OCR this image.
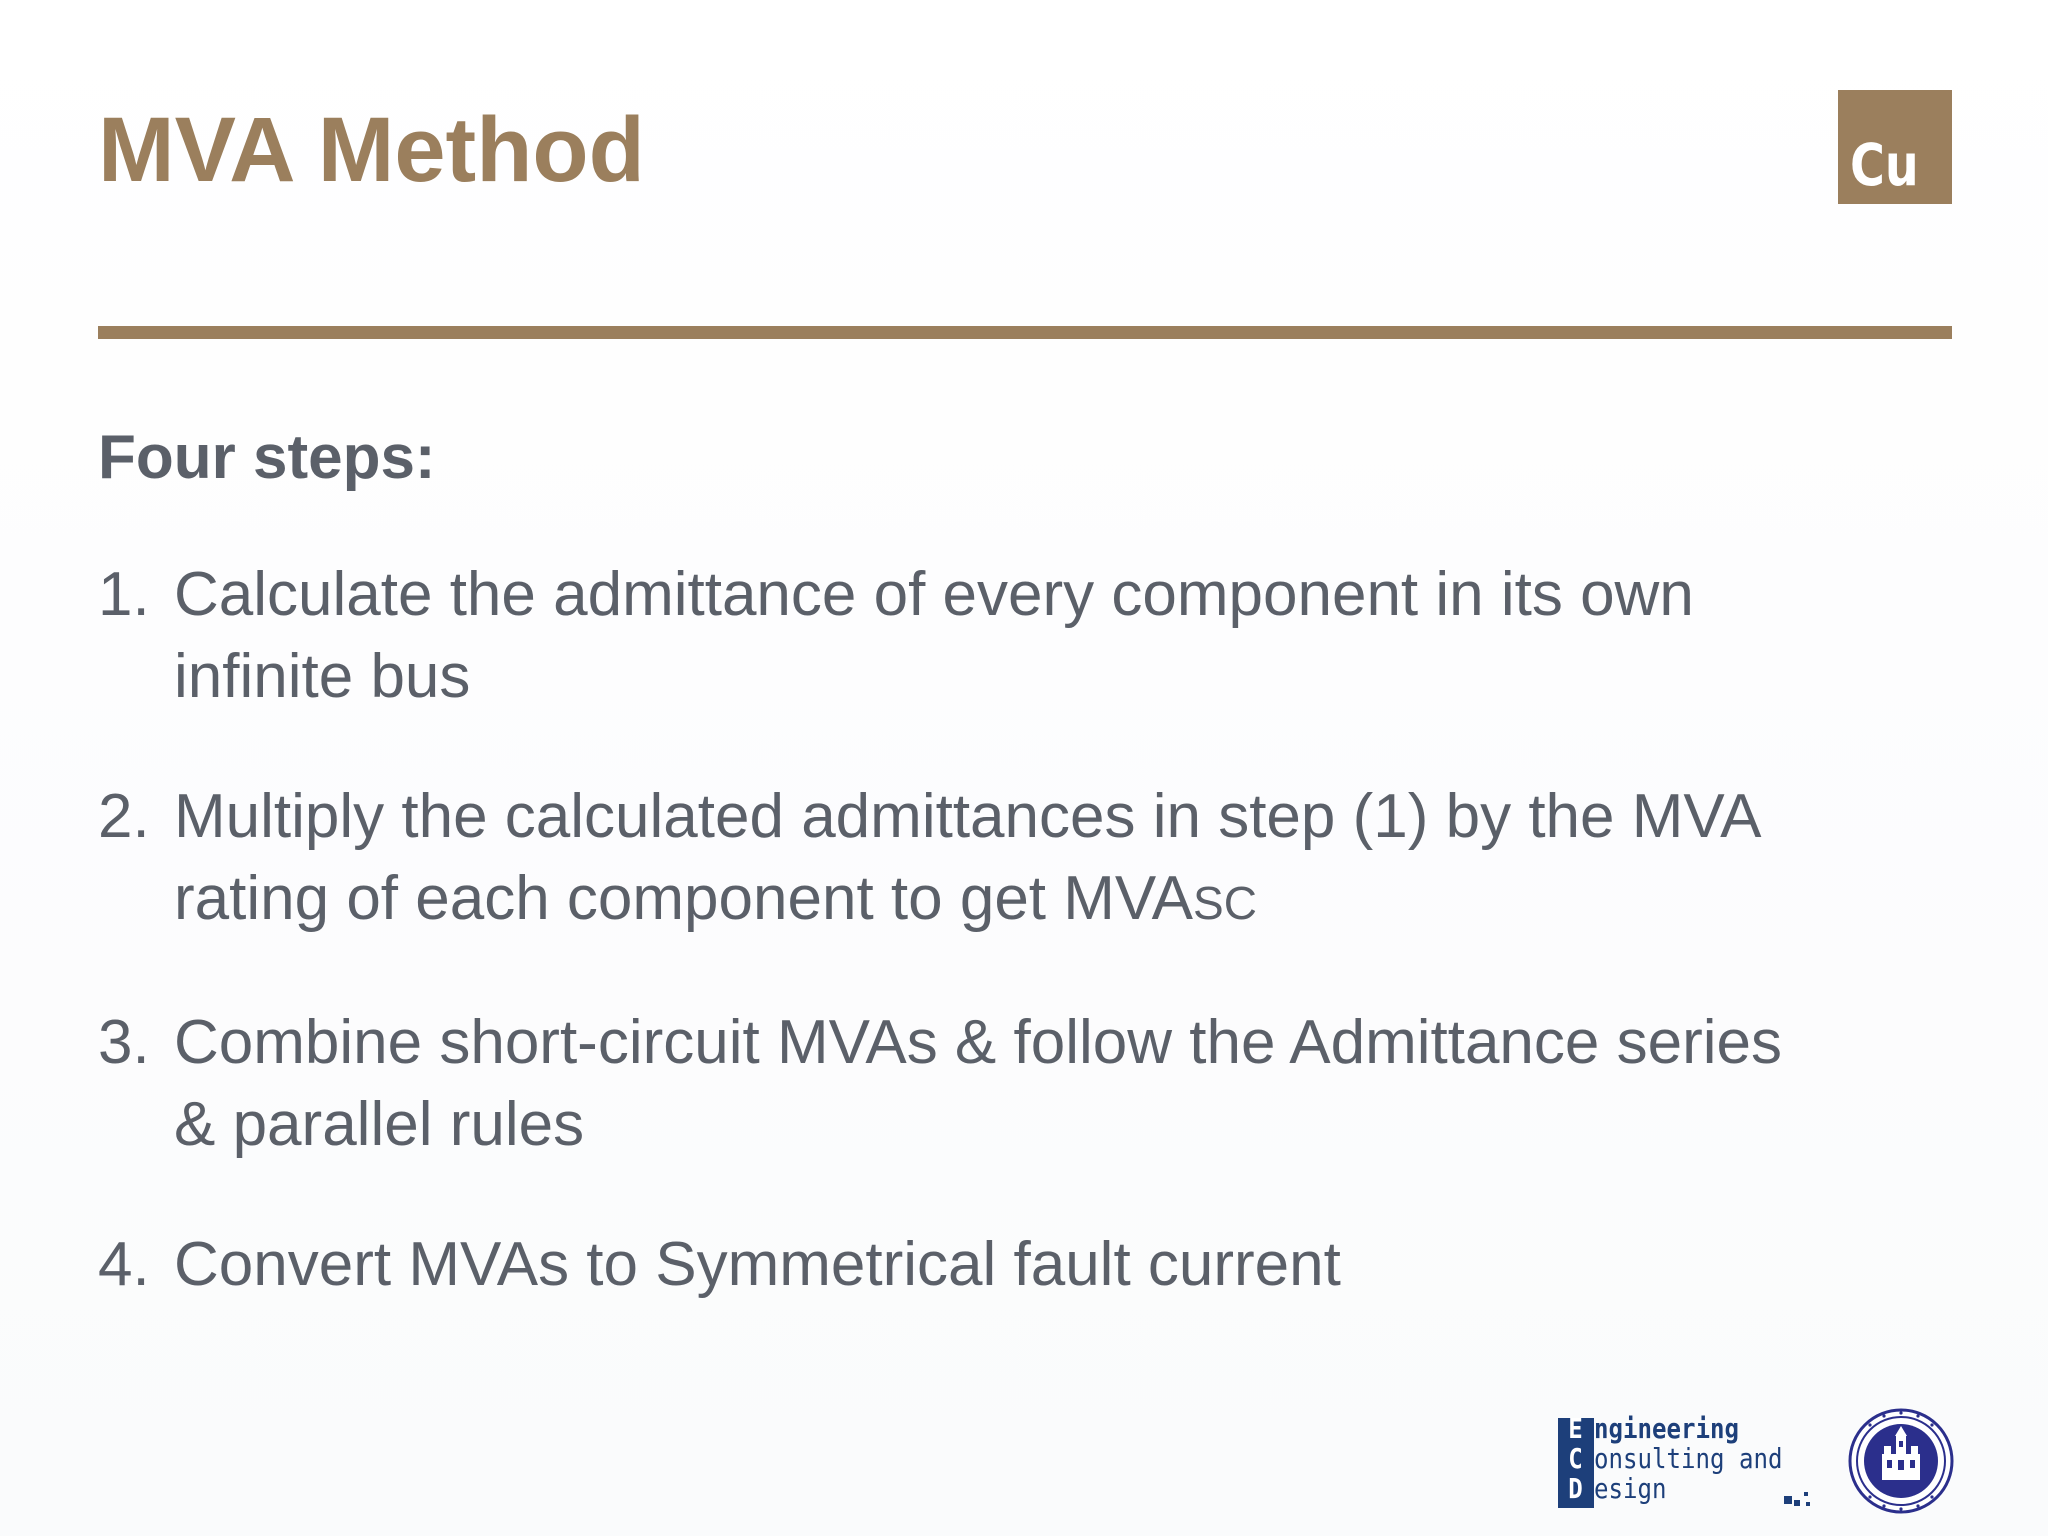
MVA Method	Cu

Four steps:

1. Calculate the admittance of every component in its own
infinite bus
2. Multiply the calculated admittances in step (1) by the MVA
rating of each component to get MVASC
3. Combine short-circuit MVAs & follow the Admittance series
& parallel rules
4. Convert MVAs to Symmetrical fault current
E ngineering
C onsulting and
D esign
